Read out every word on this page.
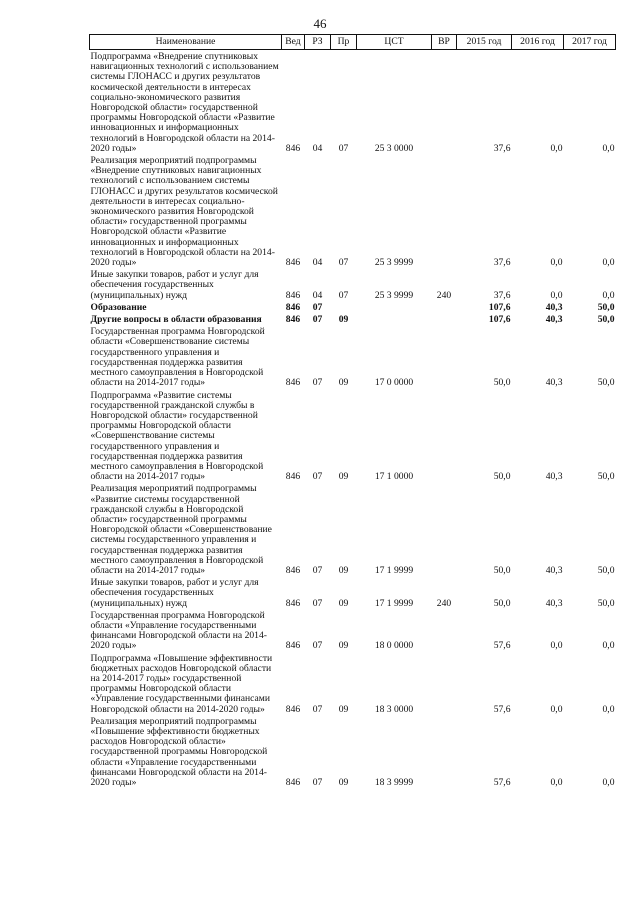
46
Наименование	Вед	РЗ	Пр	ЦСТ	ВР	2015 год	2016 год	2017 год
Подпрограмма «Внедрение спутниковых навигационных технологий с использованием системы ГЛОНАСС и других результатов космической деятельности в интересах социально-экономического развития Новгородской области» государственной программы Новгородской области «Развитие инновационных и информационных технологий в Новгородской области на 2014-2020 годы»	846	04	07	25 3 0000		37,6	0,0	0,0
Реализация мероприятий подпрограммы «Внедрение спутниковых навигационных технологий с использованием системы ГЛОНАСС и других результатов космической деятельности в интересах социально-экономического развития Новгородской области» государственной программы Новгородской области «Развитие инновационных и информационных технологий в Новгородской области на 2014-2020 годы»	846	04	07	25 3 9999		37,6	0,0	0,0
Иные закупки товаров, работ и услуг для обеспечения государственных (муниципальных) нужд	846	04	07	25 3 9999	240	37,6	0,0	0,0
Образование	846	07				107,6	40,3	50,0
Другие вопросы в области образования	846	07	09			107,6	40,3	50,0
Государственная программа Новгородской области «Совершенствование системы государственного управления и государственная поддержка развития местного самоуправления в Новгородской области на 2014-2017 годы»	846	07	09	17 0 0000		50,0	40,3	50,0
Подпрограмма «Развитие системы государственной гражданской службы в Новгородской области» государственной программы Новгородской области «Совершенствование системы государственного управления и государственная поддержка развития местного самоуправления в Новгородской области на 2014-2017 годы»	846	07	09	17 1 0000		50,0	40,3	50,0
Реализация мероприятий подпрограммы «Развитие системы государственной гражданской службы в Новгородской области» государственной программы Новгородской области «Совершенствование системы государственного управления и государственная поддержка развития местного самоуправления в Новгородской области на 2014-2017 годы»	846	07	09	17 1 9999		50,0	40,3	50,0
Иные закупки товаров, работ и услуг для обеспечения государственных (муниципальных) нужд	846	07	09	17 1 9999	240	50,0	40,3	50,0
Государственная программа Новгородской области «Управление государственными финансами Новгородской области на 2014-2020 годы»	846	07	09	18 0 0000		57,6	0,0	0,0
Подпрограмма «Повышение эффективности бюджетных расходов Новгородской области на 2014-2017 годы» государственной программы Новгородской области «Управление государственными финансами Новгородской области на 2014-2020 годы»	846	07	09	18 3 0000		57,6	0,0	0,0
Реализация мероприятий подпрограммы «Повышение эффективности бюджетных расходов Новгородской области» государственной программы Новгородской области «Управление государственными финансами Новгородской области на 2014-2020 годы»	846	07	09	18 3 9999		57,6	0,0	0,0
